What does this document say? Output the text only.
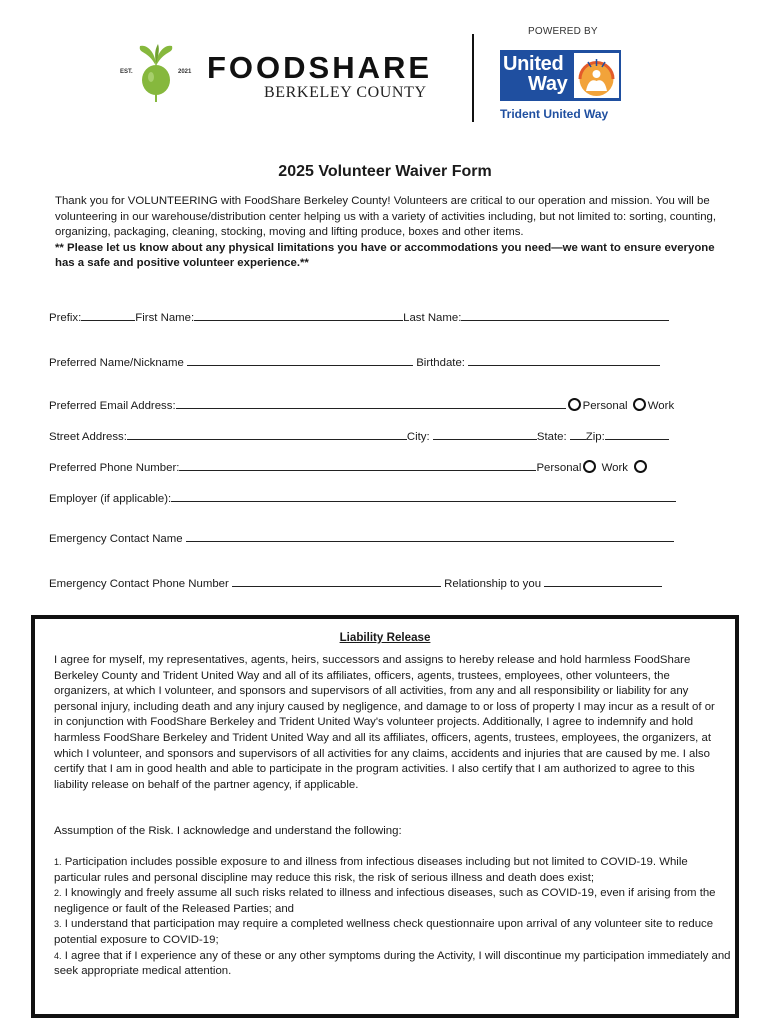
POWERED BY
EST.	2021 FOODSHARE
BERKELEY COUNTY
United
Way
Trident United Way
2025 Volunteer Waiver Form
Thank you for VOLUNTEERING with FoodShare Berkeley County! Volunteers are critical to our operation and mission. You will be volunteering in our warehouse/distribution center helping us with a variety of activities including, but not limited to: sorting, counting, organizing, packaging, cleaning, stocking, moving and lifting produce, boxes and other items.
** Please let us know about any physical limitations you have or accommodations you need—we want to ensure everyone has a safe and positive volunteer experience.**
Prefix:	First Name:	Last Name:
Preferred Name/Nickname	Birthdate:
Preferred Email Address:	Personal Work
Street Address:	City:	State: Zip:
Preferred Phone Number:	Personal Work
Employer (if applicable):
Emergency Contact Name
Emergency Contact Phone Number	Relationship to you
Liability Release
I agree for myself, my representatives, agents, heirs, successors and assigns to hereby release and hold harmless FoodShare Berkeley County and Trident United Way and all of its affiliates, officers, agents, trustees, employees, other volunteers, the organizers, at which I volunteer, and sponsors and supervisors of all activities, from any and all responsibility or liability for any personal injury, including death and any injury caused by negligence, and damage to or loss of property I may incur as a result of or in conjunction with FoodShare Berkeley and Trident United Way's volunteer projects. Additionally, I agree to indemnify and hold harmless FoodShare Berkeley and Trident United Way and all its affiliates, officers, agents, trustees, employees, the organizers, at which I volunteer, and sponsors and supervisors of all activities for any claims, accidents and injuries that are caused by me. I also certify that I am in good health and able to participate in the program activities. I also certify that I am authorized to agree to this liability release on behalf of the partner agency, if applicable.
Assumption of the Risk. I acknowledge and understand the following:
1. Participation includes possible exposure to and illness from infectious diseases including but not limited to COVID-19. While particular rules and personal discipline may reduce this risk, the risk of serious illness and death does exist;
2. I knowingly and freely assume all such risks related to illness and infectious diseases, such as COVID-19, even if arising from the negligence or fault of the Released Parties; and
3. I understand that participation may require a completed wellness check questionnaire upon arrival of any volunteer site to reduce potential exposure to COVID-19;
4. I agree that if I experience any of these or any other symptoms during the Activity, I will discontinue my participation immediately and seek appropriate medical attention.
